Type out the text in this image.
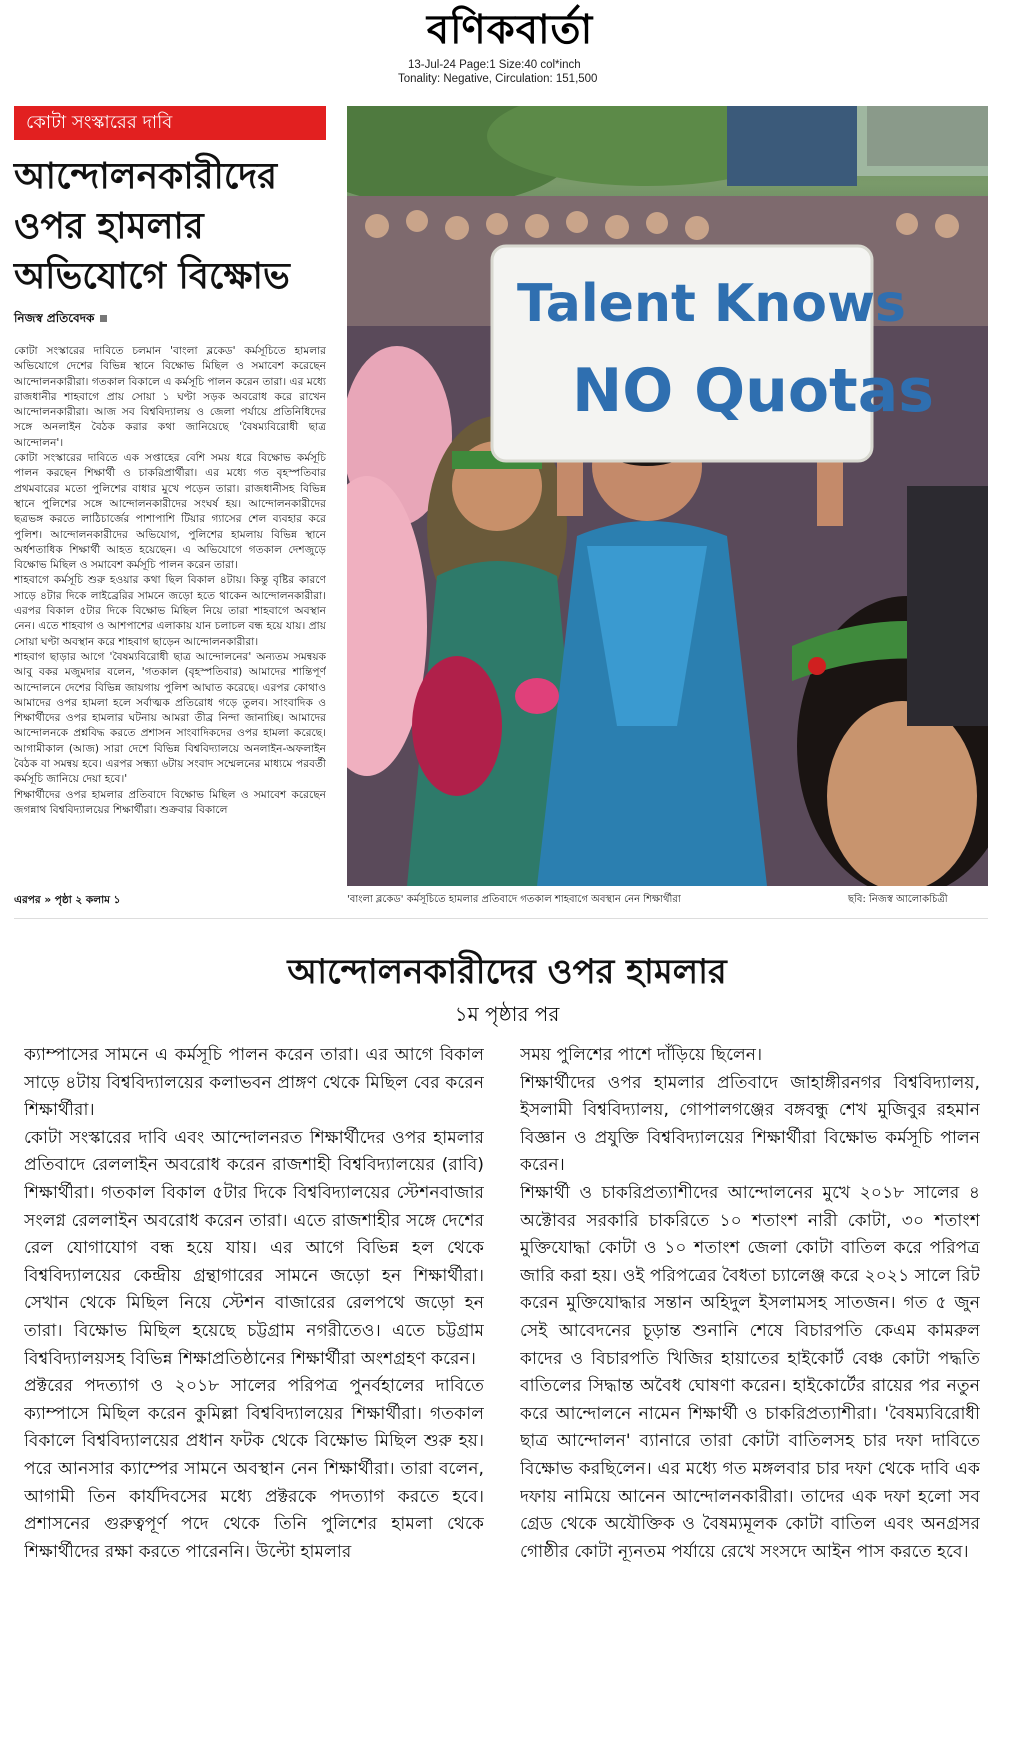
বণিকবার্তা
13-Jul-24 Page:1 Size:40 col*inch
Tonality: Negative, Circulation: 151,500
কোটা সংস্কারের দাবি
আন্দোলনকারীদের ওপর হামলার অভিযোগে বিক্ষোভ
নিজস্ব প্রতিবেদক

কোটা সংস্কারের দাবিতে চলমান 'বাংলা ব্লকেড' কর্মসূচিতে হামলার অভিযোগে দেশের বিভিন্ন স্থানে বিক্ষোভ মিছিল ও সমাবেশ করেছেন আন্দোলনকারীরা। গতকাল বিকালে এ কর্মসূচি পালন করেন তারা। এর মধ্যে রাজধানীর শাহবাগে প্রায় সোয়া ১ ঘণ্টা সড়ক অবরোধ করে রাখেন আন্দোলনকারীরা। আজ সব বিশ্ববিদ্যালয় ও জেলা পর্যায়ে প্রতিনিধিদের সঙ্গে অনলাইন বৈঠক করার কথা জানিয়েছে 'বৈষম্যবিরোধী ছাত্র আন্দোলন'।

কোটা সংস্কারের দাবিতে এক সপ্তাহের বেশি সময় ধরে বিক্ষোভ কর্মসূচি পালন করছেন শিক্ষার্থী ও চাকরিপ্রার্থীরা। এর মধ্যে গত বৃহস্পতিবার প্রথমবারের মতো পুলিশের বাধার মুখে পড়েন তারা। রাজধানীসহ বিভিন্ন স্থানে পুলিশের সঙ্গে আন্দোলনকারীদের সংঘর্ষ হয়। আন্দোলনকারীদের ছত্রভঙ্গ করতে লাঠিচার্জের পাশাপাশি টিয়ার গ্যাসের শেল ব্যবহার করে পুলিশ। আন্দোলনকারীদের অভিযোগ, পুলিশের হামলায় বিভিন্ন স্থানে অর্ধশতাধিক শিক্ষার্থী আহত হয়েছেন। এ অভিযোগে গতকাল দেশজুড়ে বিক্ষোভ মিছিল ও সমাবেশ কর্মসূচি পালন করেন তারা।

শাহবাগে কর্মসূচি শুরু হওয়ার কথা ছিল বিকাল ৪টায়। কিন্তু বৃষ্টির কারণে সাড়ে ৪টার দিকে লাইব্রেরির সামনে জড়ো হতে থাকেন আন্দোলনকারীরা। এরপর বিকাল ৫টার দিকে বিক্ষোভ মিছিল নিয়ে তারা শাহবাগে অবস্থান নেন। এতে শাহবাগ ও আশপাশের এলাকায় যান চলাচল বন্ধ হয়ে যায়। প্রায় সোয়া ঘণ্টা অবস্থান করে শাহবাগ ছাড়েন আন্দোলনকারীরা।

শাহবাগ ছাড়ার আগে 'বৈষম্যবিরোধী ছাত্র আন্দোলনের' অন্যতম সমন্বয়ক আবু বকর মজুমদার বলেন, 'গতকাল (বৃহস্পতিবার) আমাদের শান্তিপূর্ণ আন্দোলনে দেশের বিভিন্ন জায়গায় পুলিশ আঘাত করেছে। এরপর কোথাও আমাদের ওপর হামলা হলে সর্বাত্মক প্রতিরোধ গড়ে তুলব। সাংবাদিক ও শিক্ষার্থীদের ওপর হামলার ঘটনায় আমরা তীব্র নিন্দা জানাচ্ছি। আমাদের আন্দোলনকে প্রশ্নবিদ্ধ করতে প্রশাসন সাংবাদিকদের ওপর হামলা করেছে। আগামীকাল (আজ) সারা দেশে বিভিন্ন বিশ্ববিদ্যালয়ে অনলাইন-অফলাইন বৈঠক বা সমন্বয় হবে। এরপর সন্ধ্যা ৬টায় সংবাদ সম্মেলনের মাধ্যমে পরবর্তী কর্মসূচি জানিয়ে দেয়া হবে।'

শিক্ষার্থীদের ওপর হামলার প্রতিবাদে বিক্ষোভ মিছিল ও সমাবেশ করেছেন জগন্নাথ বিশ্ববিদ্যালয়ের শিক্ষার্থীরা। শুক্রবার বিকালে

এরপর » পৃষ্ঠা ২ কলাম ১
Talent Knows
NO Quotas
'বাংলা ব্লকেড' কর্মসূচিতে হামলার প্রতিবাদে গতকাল শাহবাগে অবস্থান নেন শিক্ষার্থীরা	ছবি: নিজস্ব আলোকচিত্রী
আন্দোলনকারীদের ওপর হামলার
১ম পৃষ্ঠার পর

ক্যাম্পাসের সামনে এ কর্মসূচি পালন করেন তারা। এর আগে বিকাল সাড়ে ৪টায় বিশ্ববিদ্যালয়ের কলাভবন প্রাঙ্গণ থেকে মিছিল বের করেন শিক্ষার্থীরা।

কোটা সংস্কারের দাবি এবং আন্দোলনরত শিক্ষার্থীদের ওপর হামলার প্রতিবাদে রেললাইন অবরোধ করেন রাজশাহী বিশ্ববিদ্যালয়ের (রাবি) শিক্ষার্থীরা। গতকাল বিকাল ৫টার দিকে বিশ্ববিদ্যালয়ের স্টেশনবাজার সংলগ্ন রেললাইন অবরোধ করেন তারা। এতে রাজশাহীর সঙ্গে দেশের রেল যোগাযোগ বন্ধ হয়ে যায়। এর আগে বিভিন্ন হল থেকে বিশ্ববিদ্যালয়ের কেন্দ্রীয় গ্রন্থাগারের সামনে জড়ো হন শিক্ষার্থীরা। সেখান থেকে মিছিল নিয়ে স্টেশন বাজারের রেলপথে জড়ো হন তারা। বিক্ষোভ মিছিল হয়েছে চট্টগ্রাম নগরীতেও। এতে চট্টগ্রাম বিশ্ববিদ্যালয়সহ বিভিন্ন শিক্ষাপ্রতিষ্ঠানের শিক্ষার্থীরা অংশগ্রহণ করেন।

প্রক্টরের পদত্যাগ ও ২০১৮ সালের পরিপত্র পুনর্বহালের দাবিতে ক্যাম্পাসে মিছিল করেন কুমিল্লা বিশ্ববিদ্যালয়ের শিক্ষার্থীরা। গতকাল বিকালে বিশ্ববিদ্যালয়ের প্রধান ফটক থেকে বিক্ষোভ মিছিল শুরু হয়। পরে আনসার ক্যাম্পের সামনে অবস্থান নেন শিক্ষার্থীরা। তারা বলেন, আগামী তিন কার্যদিবসের মধ্যে প্রক্টরকে পদত্যাগ করতে হবে। প্রশাসনের গুরুত্বপূর্ণ পদে থেকে তিনি পুলিশের হামলা থেকে শিক্ষার্থীদের রক্ষা করতে পারেননি। উল্টো হামলার

সময় পুলিশের পাশে দাঁড়িয়ে ছিলেন।

শিক্ষার্থীদের ওপর হামলার প্রতিবাদে জাহাঙ্গীরনগর বিশ্ববিদ্যালয়, ইসলামী বিশ্ববিদ্যালয়, গোপালগঞ্জের বঙ্গবন্ধু শেখ মুজিবুর রহমান বিজ্ঞান ও প্রযুক্তি বিশ্ববিদ্যালয়ের শিক্ষার্থীরা বিক্ষোভ কর্মসূচি পালন করেন।

শিক্ষার্থী ও চাকরিপ্রত্যাশীদের আন্দোলনের মুখে ২০১৮ সালের ৪ অক্টোবর সরকারি চাকরিতে ১০ শতাংশ নারী কোটা, ৩০ শতাংশ মুক্তিযোদ্ধা কোটা ও ১০ শতাংশ জেলা কোটা বাতিল করে পরিপত্র জারি করা হয়। ওই পরিপত্রের বৈধতা চ্যালেঞ্জ করে ২০২১ সালে রিট করেন মুক্তিযোদ্ধার সন্তান অহিদুল ইসলামসহ সাতজন। গত ৫ জুন সেই আবেদনের চূড়ান্ত শুনানি শেষে বিচারপতি কেএম কামরুল কাদের ও বিচারপতি খিজির হায়াতের হাইকোর্ট বেঞ্চ কোটা পদ্ধতি বাতিলের সিদ্ধান্ত অবৈধ ঘোষণা করেন। হাইকোর্টের রায়ের পর নতুন করে আন্দোলনে নামেন শিক্ষার্থী ও চাকরিপ্রত্যাশীরা। 'বৈষম্যবিরোধী ছাত্র আন্দোলন' ব্যানারে তারা কোটা বাতিলসহ চার দফা দাবিতে বিক্ষোভ করছিলেন। এর মধ্যে গত মঙ্গলবার চার দফা থেকে দাবি এক দফায় নামিয়ে আনেন আন্দোলনকারীরা। তাদের এক দফা হলো সব গ্রেড থেকে অযৌক্তিক ও বৈষম্যমূলক কোটা বাতিল এবং অনগ্রসর গোষ্ঠীর কোটা ন্যূনতম পর্যায়ে রেখে সংসদে আইন পাস করতে হবে।
